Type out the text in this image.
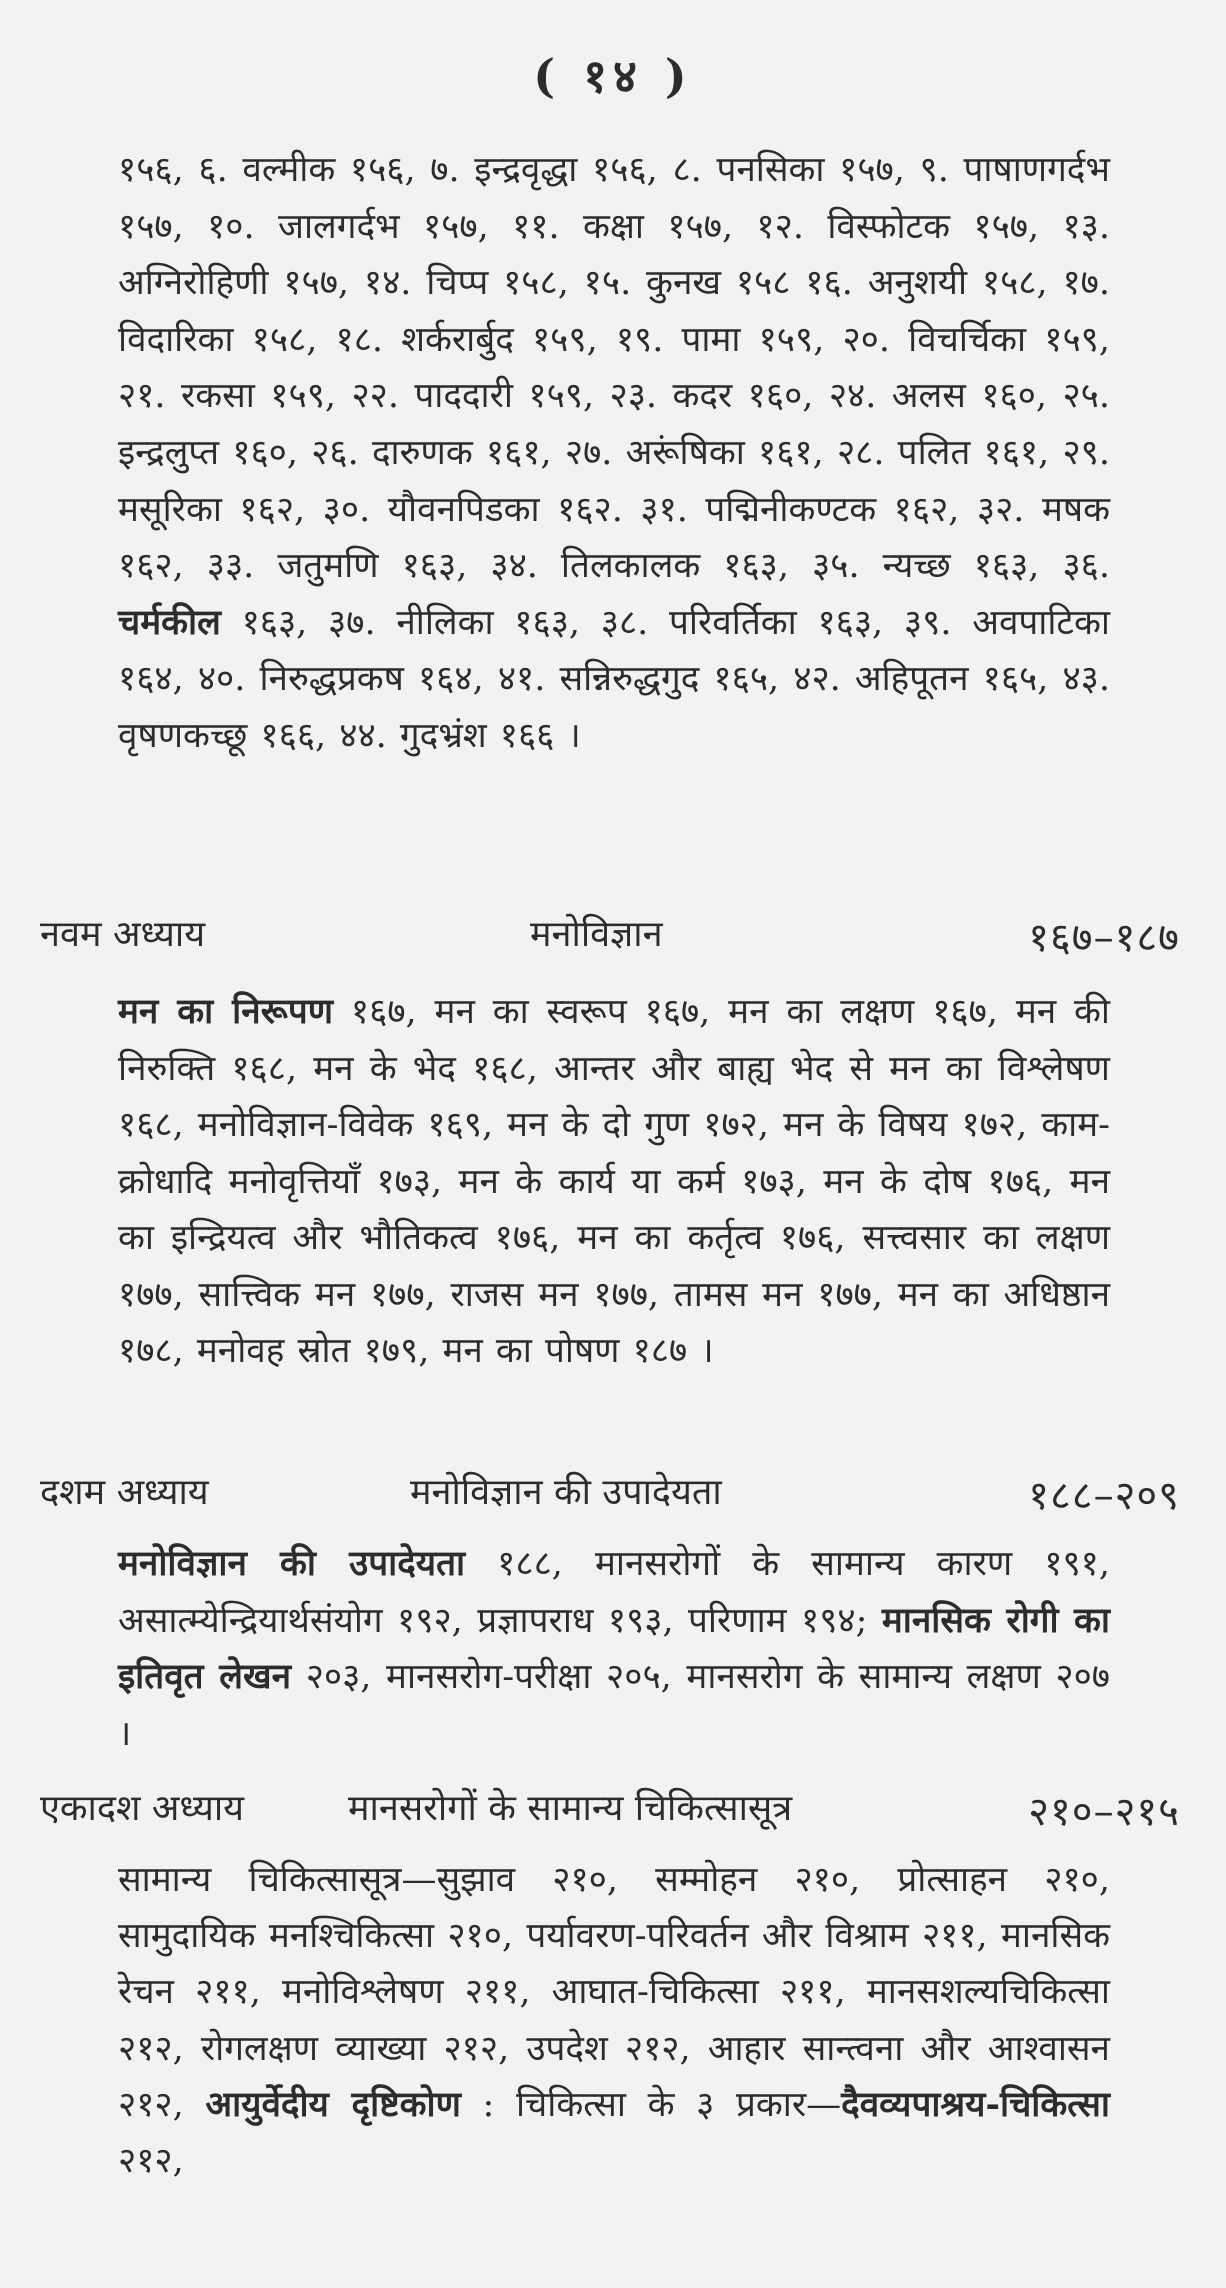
( १४ )

१५६, ६. वल्मीक १५६, ७. इन्द्रवृद्धा १५६, ८. पनसिका १५७, ९. पाषाणगर्दभ १५७, १०. जालगर्दभ १५७, ११. कक्षा १५७, १२. विस्फोटक १५७, १३. अग्निरोहिणी १५७, १४. चिप्प १५८, १५. कुनख १५८ १६. अनुशयी १५८, १७. विदारिका १५८, १८. शर्करार्बुद १५९, १९. पामा १५९, २०. विचर्चिका १५९, २१. रकसा १५९, २२. पाददारी १५९, २३. कदर १६०, २४. अलस १६०, २५. इन्द्रलुप्त १६०, २६. दारुणक १६१, २७. अरूंषिका १६१, २८. पलित १६१, २९. मसूरिका १६२, ३०. यौवनपिडका १६२. ३१. पद्मिनीकण्टक १६२, ३२. मषक १६२, ३३. जतुमणि १६३, ३४. तिलकालक १६३, ३५. न्यच्छ १६३, ३६. चर्मकील १६३, ३७. नीलिका १६३, ३८. परिवर्तिका १६३, ३९. अवपाटिका १६४, ४०. निरुद्धप्रकष १६४, ४१. सन्निरुद्धगुद १६५, ४२. अहिपूतन १६५, ४३. वृषणकच्छू १६६, ४४. गुदभ्रंश १६६ ।

नवम अध्याय	मनोविज्ञान	१६७–१८७

मन का निरूपण १६७, मन का स्वरूप १६७, मन का लक्षण १६७, मन की निरुक्ति १६८, मन के भेद १६८, आन्तर और बाह्य भेद से मन का विश्लेषण १६८, मनोविज्ञान-विवेक १६९, मन के दो गुण १७२, मन के विषय १७२, काम-क्रोधादि मनोवृत्तियाँ १७३, मन के कार्य या कर्म १७३, मन के दोष १७६, मन का इन्द्रियत्व और भौतिकत्व १७६, मन का कर्तृत्व १७६, सत्त्वसार का लक्षण १७७, सात्त्विक मन १७७, राजस मन १७७, तामस मन १७७, मन का अधिष्ठान १७८, मनोवह स्रोत १७९, मन का पोषण १८७ ।

दशम अध्याय	मनोविज्ञान की उपादेयता	१८८–२०९

मनोविज्ञान की उपादेयता १८८, मानसरोगों के सामान्य कारण १९१, असात्म्येन्द्रियार्थसंयोग १९२, प्रज्ञापराध १९३, परिणाम १९४; मानसिक रोगी का इतिवृत लेखन २०३, मानसरोग-परीक्षा २०५, मानसरोग के सामान्य लक्षण २०७ ।

एकादश अध्याय	मानसरोगों के सामान्य चिकित्सासूत्र	२१०–२१५

सामान्य चिकित्सासूत्र—सुझाव २१०, सम्मोहन २१०, प्रोत्साहन २१०, सामुदायिक मनश्चिकित्सा २१०, पर्यावरण-परिवर्तन और विश्राम २११, मानसिक रेचन २११, मनोविश्लेषण २११, आघात-चिकित्सा २११, मानसशल्यचिकित्सा २१२, रोगलक्षण व्याख्या २१२, उपदेश २१२, आहार सान्त्वना और आश्वासन २१२, आयुर्वेदीय दृष्टिकोण : चिकित्सा के ३ प्रकार—दैवव्यपाश्रय-चिकित्सा २१२,
